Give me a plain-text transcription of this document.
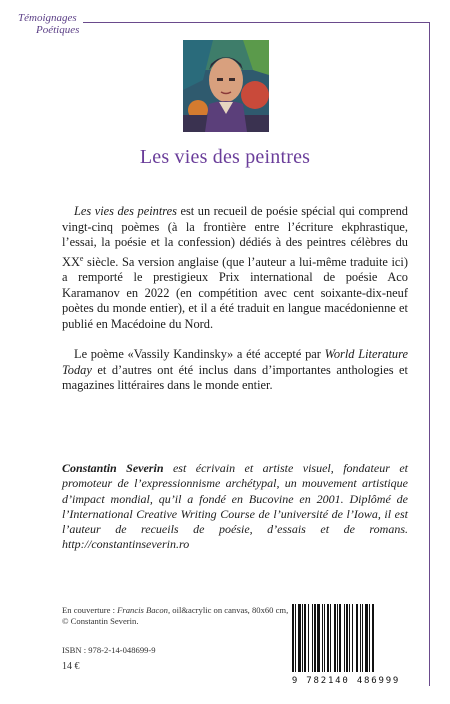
Témoignages
Poétiques
Les vies des peintres

Les vies des peintres est un recueil de poésie spécial qui comprend vingt-cinq poèmes (à la frontière entre l’écriture ekphrastique, l’essai, la poésie et la confession) dédiés à des peintres célèbres du XXe siècle. Sa version anglaise (que l’auteur a lui-même traduite ici) a remporté le prestigieux Prix international de poésie Aco Karamanov en 2022 (en compétition avec cent soixante-dix-neuf poètes du monde entier), et il a été traduit en langue macédonienne et publié en Macédoine du Nord.

Le poème «Vassily Kandinsky» a été accepté par World Literature Today et d’autres ont été inclus dans d’importantes anthologies et magazines littéraires dans le monde entier.

Constantin Severin est écrivain et artiste visuel, fondateur et promoteur de l’expressionnisme archétypal, un mouvement artistique d’impact mondial, qu’il a fondé en Bucovine en 2001. Diplômé de l’International Creative Writing Course de l’université de l’Iowa, il est l’auteur de recueils de poésie, d’essais et de romans. http://constantinseverin.ro
En couverture : Francis Bacon, oil&acrylic on canvas, 80x60 cm,
© Constantin Severin.
ISBN : 978-2-14-048699-9
14 €
9 782140 486999
